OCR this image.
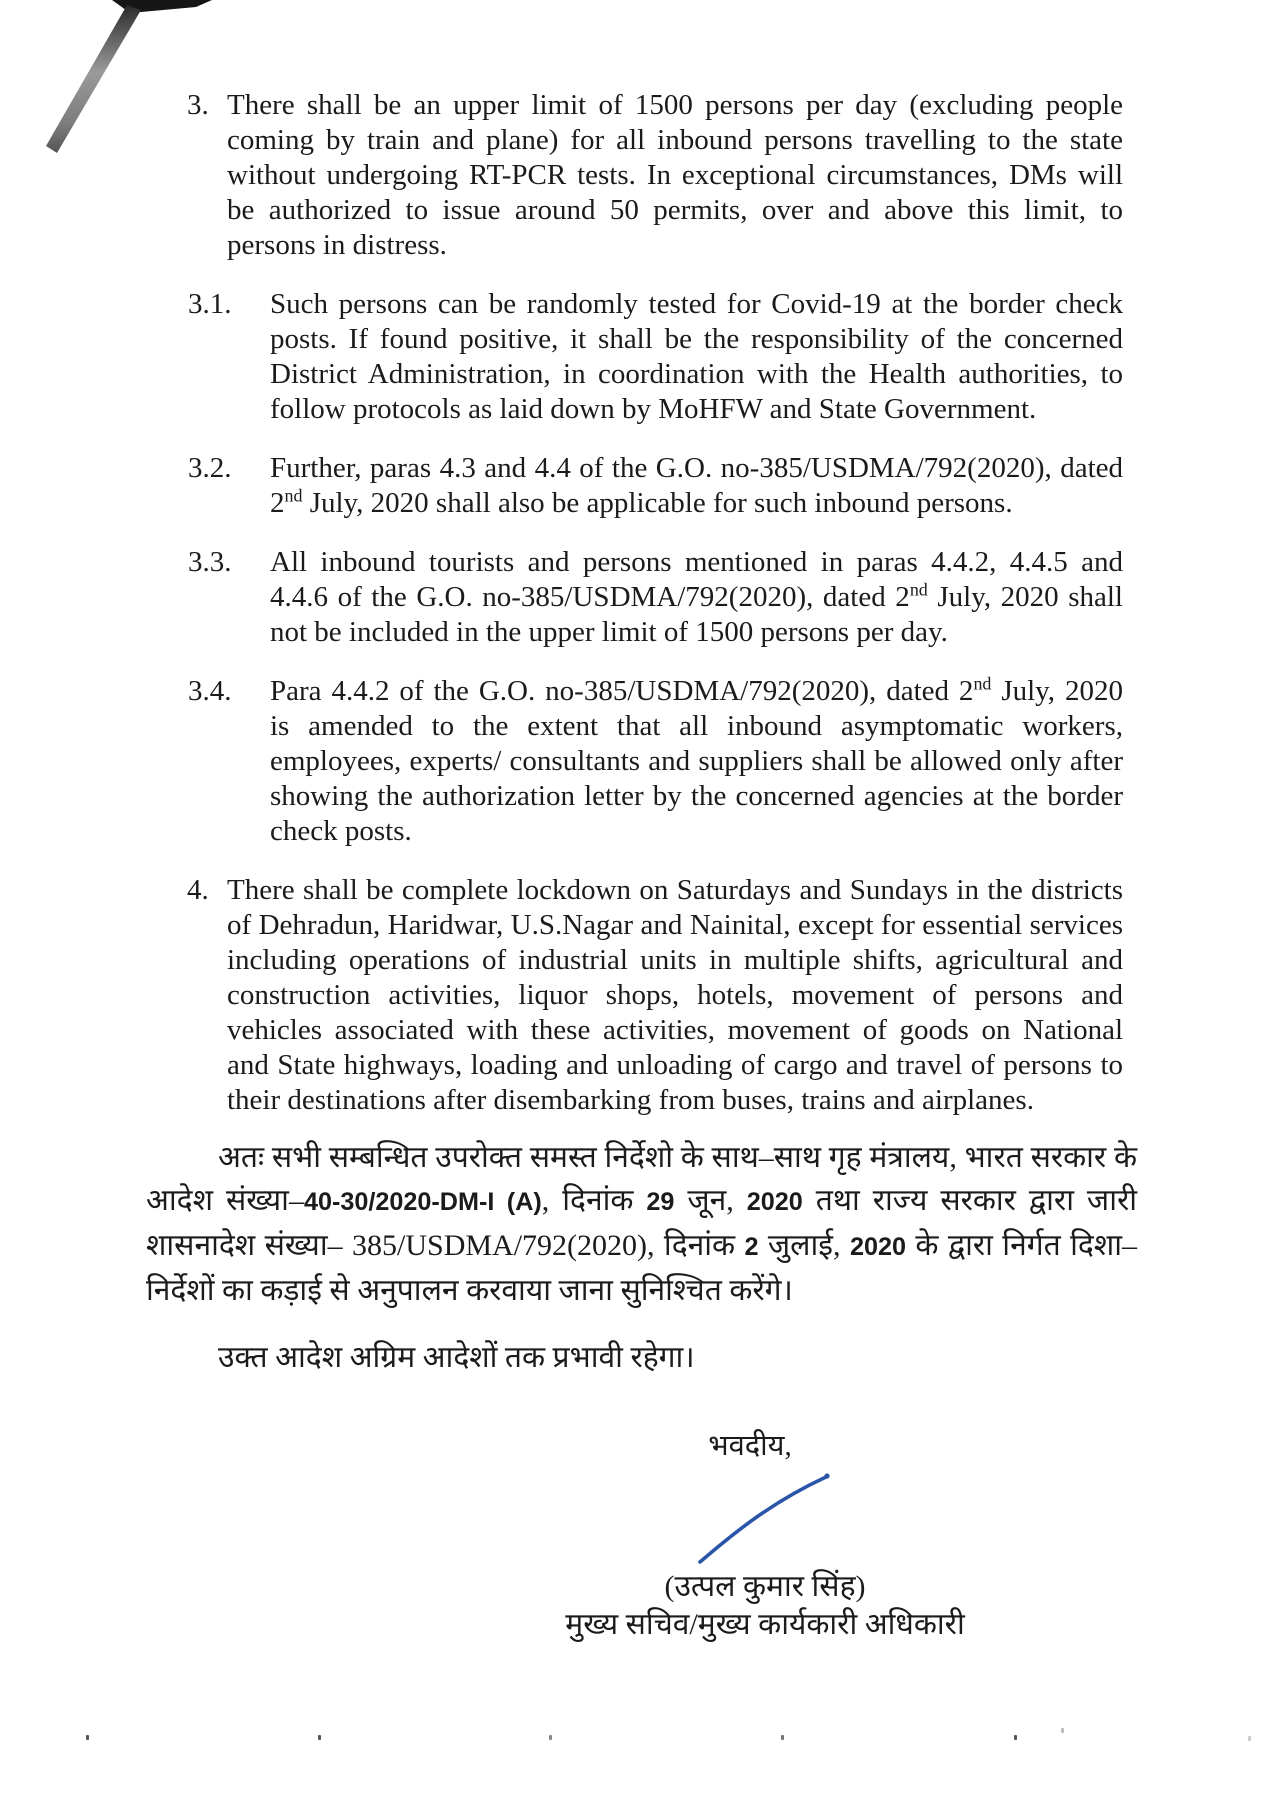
3. There shall be an upper limit of 1500 persons per day (excluding people coming by train and plane) for all inbound persons travelling to the state without undergoing RT-PCR tests. In exceptional circumstances, DMs will be authorized to issue around 50 permits, over and above this limit, to persons in distress.

3.1.	Such persons can be randomly tested for Covid-19 at the border check posts. If found positive, it shall be the responsibility of the concerned District Administration, in coordination with the Health authorities, to follow protocols as laid down by MoHFW and State Government.

3.2.	Further, paras 4.3 and 4.4 of the G.O. no-385/USDMA/792(2020), dated 2nd July, 2020 shall also be applicable for such inbound persons.

3.3.	All inbound tourists and persons mentioned in paras 4.4.2, 4.4.5 and 4.4.6 of the G.O. no-385/USDMA/792(2020), dated 2nd July, 2020 shall not be included in the upper limit of 1500 persons per day.

3.4.	Para 4.4.2 of the G.O. no-385/USDMA/792(2020), dated 2nd July, 2020 is amended to the extent that all inbound asymptomatic workers, employees, experts/ consultants and suppliers shall be allowed only after showing the authorization letter by the concerned agencies at the border check posts.

4. There shall be complete lockdown on Saturdays and Sundays in the districts of Dehradun, Haridwar, U.S.Nagar and Nainital, except for essential services including operations of industrial units in multiple shifts, agricultural and construction activities, liquor shops, hotels, movement of persons and vehicles associated with these activities, movement of goods on National and State highways, loading and unloading of cargo and travel of persons to their destinations after disembarking from buses, trains and airplanes.

अतः सभी सम्बन्धित उपरोक्त समस्त निर्देशो के साथ–साथ गृह मंत्रालय, भारत सरकार के आदेश संख्या–40-30/2020-DM-I (A), दिनांक 29 जून, 2020 तथा राज्य सरकार द्वारा जारी शासनादेश संख्या– 385/USDMA/792(2020), दिनांक 2 जुलाई, 2020 के द्वारा निर्गत दिशा–निर्देशों का कड़ाई से अनुपालन करवाया जाना सुनिश्चित करेंगे।

उक्त आदेश अग्रिम आदेशों तक प्रभावी रहेगा।

भवदीय,
(उत्पल कुमार सिंह)
मुख्य सचिव/मुख्य कार्यकारी अधिकारी
